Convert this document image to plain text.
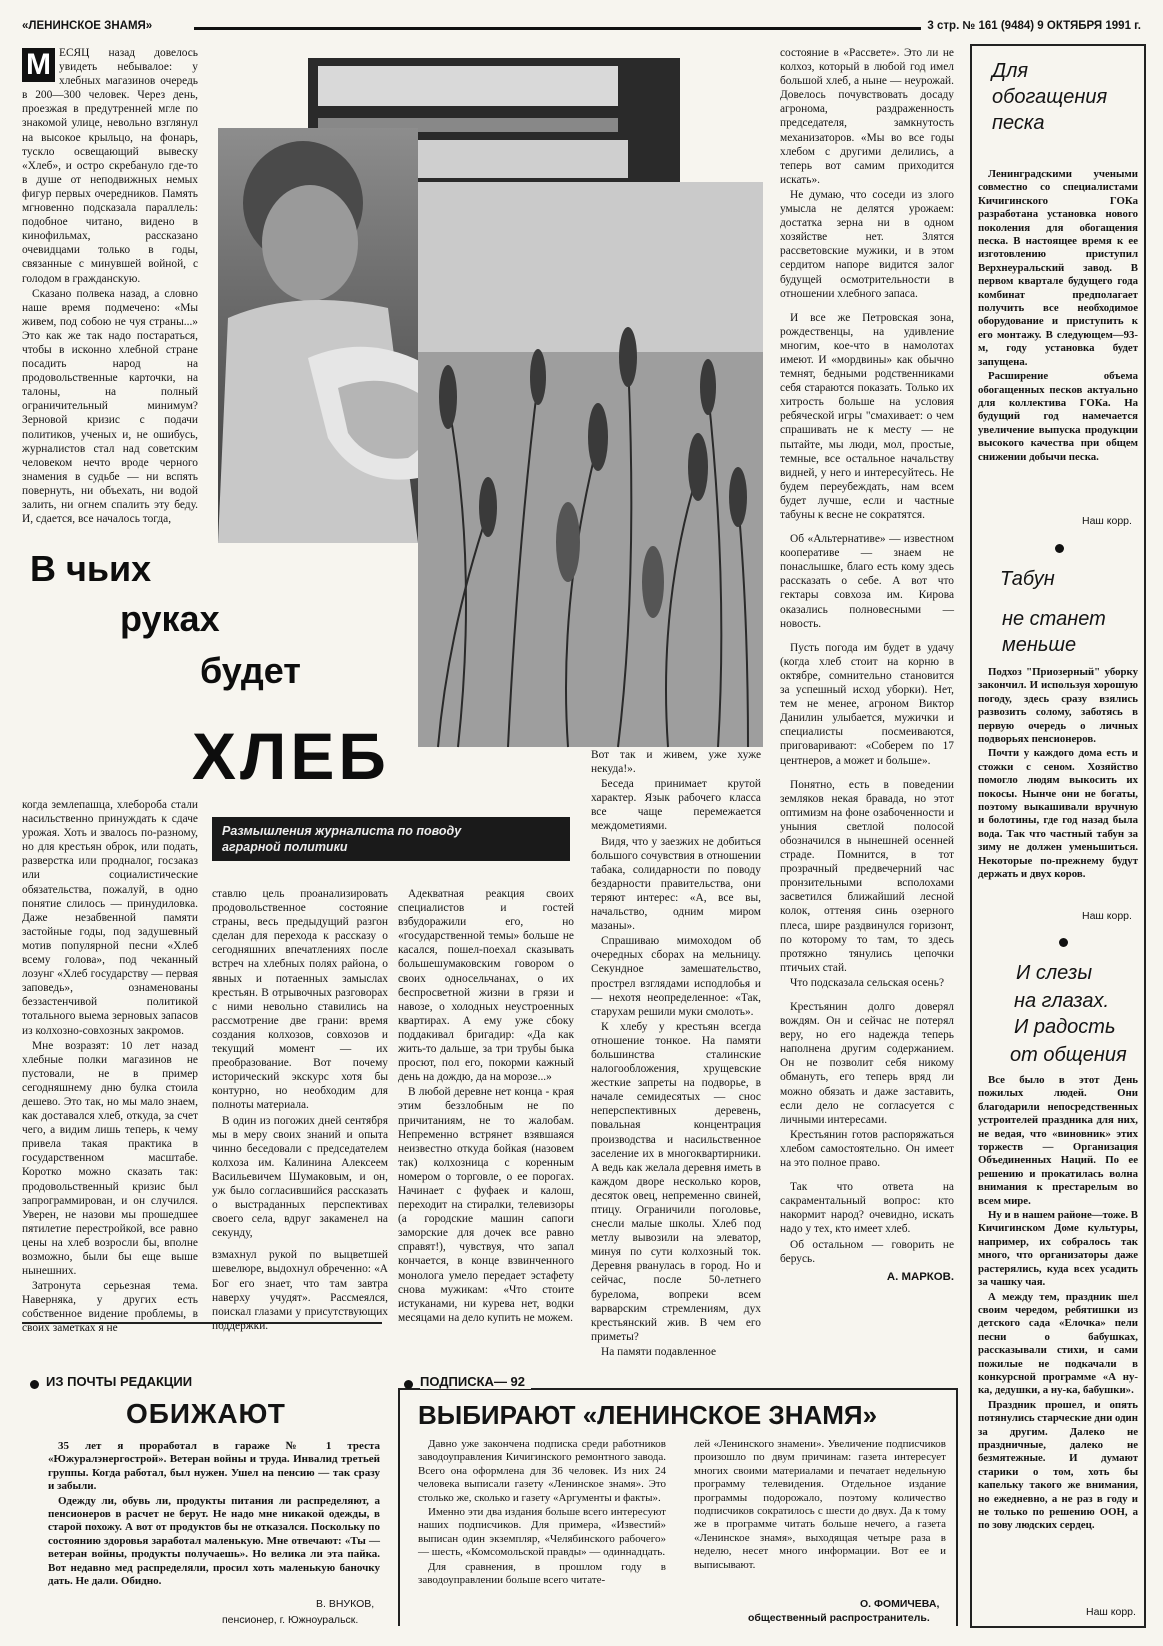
«ЛЕНИНСКОЕ ЗНАМЯ»	3 стр. № 161 (9484) 9 ОКТЯБРЯ 1991 г.

М ЕСЯЦ назад довелось увидеть небывалое: у хлебных магазинов очередь в 200—300 человек. Через день, проезжая в предутренней мгле по знакомой улице, невольно взглянул на высокое крыльцо, на фонарь, тускло освещающий вывеску «Хлеб», и остро скребануло где-то в душе от неподвижных немых фигур первых очередников. Память мгновенно подсказала параллель: подобное читано, видено в кинофильмах, рассказано очевидцами только в годы, связанные с минувшей войной, с голодом в гражданскую.

Сказано полвека назад, а словно наше время подмечено: «Мы живем, под собою не чуя страны...» Это как же так надо постараться, чтобы в исконно хлебной стране посадить народ на продовольственные карточки, на талоны, на полный ограничительный минимум? Зерновой кризис с подачи политиков, ученых и, не ошибусь, журналистов стал над советским человеком нечто вроде черного знамения в судьбе — ни вспять повернуть, ни объехать, ни водой залить, ни огнем спалить эту беду. И, сдается, все началось тогда,

В чьих
руках
будет
ХЛЕБ
Размышления журналиста по поводу
аграрной политики

когда землепашца, хлебороба стали насильственно принуждать к сдаче урожая. Хоть и звалось по-разному, но для крестьян оброк, или подать, разверстка или продналог, госзаказ или социалистические обязательства, пожалуй, в одно понятие слилось — принудиловка. Даже незабвенной памяти застойные годы, под задушевный мотив популярной песни «Хлеб всему голова», под чеканный лозунг «Хлеб государству — первая заповедь», ознаменованы беззастенчивой политикой тотального выема зерновых запасов из колхозно-совхозных закромов.

Мне возразят: 10 лет назад хлебные полки магазинов не пустовали, не в пример сегодняшнему дню булка стоила дешево. Это так, но мы мало знаем, как доставался хлеб, откуда, за счет чего, а видим лишь теперь, к чему привела такая практика в государственном масштабе. Коротко можно сказать так: продовольственный кризис был запрограммирован, и он случился. Уверен, не назови мы прошедшее пятилетие перестройкой, все равно цены на хлеб возросли бы, вполне возможно, были бы еще выше нынешних.

Затронута серьезная тема. Наверняка, у других есть собственное видение проблемы, в своих заметках я не

ставлю цель проанализировать продовольственное состояние страны, весь предыдущий разгон сделан для перехода к рассказу о сегодняшних впечатлениях после встреч на хлебных полях района, о явных и потаенных замыслах крестьян. В отрывочных разговорах с ними невольно ставились на рассмотрение две грани: время создания колхозов, совхозов и текущий момент — их преобразование. Вот почему исторический экскурс хотя бы контурно, но необходим для полноты материала.

В один из погожих дней сентября мы в меру своих знаний и опыта чинно беседовали с председателем колхоза им. Калинина Алексеем Васильевичем Шумаковым, и он, уж было согласившийся рассказать о выстраданных перспективах своего села, вдруг закаменел на секунду,

взмахнул рукой по выцветшей шевелюре, выдохнул обреченно: «А Бог его знает, что там завтра наверху учудят». Рассмеялся, поискал глазами у присутствующих поддержки.

Адекватная реакция своих специалистов и гостей взбудоражили его, но «государственной темы» больше не касался, пошел-поехал сказывать большешумаковским говором о своих односельчанах, о их беспросветной жизни в грязи и навозе, о холодных неустроенных квартирах. А ему уже сбоку поддакивал бригадир: «Да как жить-то дальше, за три трубы быка просют, пол его, покорми кажный день на дождю, да на морозе...»

В любой деревне нет конца - края этим беззлобным не по причитаниям, не то жалобам. Непременно встрянет взявшаяся неизвестно откуда бойкая (назовем так) колхозница с коренным номером о торговле, о ее порогах. Начинает с фуфаек и калош, переходит на стиралки, телевизоры (а городские машин сапоги заморские для дочек все равно справят!), чувствуя, что запал кончается, в конце взвинченного монолога умело передает эстафету снова мужикам: «Что стоите истуканами, ни курева нет, водки месяцами на дело купить не можем.

Вот так и живем, уже хуже некуда!».

Беседа принимает крутой характер. Язык рабочего класса все чаще перемежается междометиями.

Видя, что у заезжих не добиться большого сочувствия в отношении табака, солидарности по поводу бездарности правительства, они теряют интерес: «А, все вы, начальство, одним миром мазаны».

Спрашиваю мимоходом об очередных сборах на мельницу. Секундное замешательство, прострел взглядами исподлобья и — нехотя неопределенное: «Так, старухам решили муки смолоть».

К хлебу у крестьян всегда отношение тонкое. На памяти большинства сталинские налогообложения, хрущевские жесткие запреты на подворье, в начале семидесятых — снос неперспективных деревень, повальная концентрация производства и насильственное заселение их в многоквартирники. А ведь как желала деревня иметь в каждом дворе несколько коров, десяток овец, непременно свиней, птицу. Ограничили поголовье, снесли малые школы. Хлеб под метлу вывозили на элеватор, минуя по сути колхозный ток. Деревня рванулась в город. Но и сейчас, после 50-летнего бурелома, вопреки всем варварским стремлениям, дух крестьянский жив. В чем его приметы?

На памяти подавленное

состояние в «Рассвете». Это ли не колхоз, который в любой год имел большой хлеб, а ныне — неурожай. Довелось почувствовать досаду агронома, раздраженность председателя, замкнутость механизаторов. «Мы во все годы хлебом с другими делились, а теперь вот самим приходится искать».

Не думаю, что соседи из злого умысла не делятся урожаем: достатка зерна ни в одном хозяйстве нет. Злятся рассветовские мужики, и в этом сердитом напоре видится залог будущей осмотрительности в отношении хлебного запаса.

И все же Петровская зона, рождественцы, на удивление многим, кое-что в намолотах имеют. И «мордвины» как обычно темнят, бедными родственниками себя стараются показать. Только их хитрость больше на условия ребяческой игры "смахивает: о чем спрашивать не к месту — не пытайте, мы люди, мол, простые, темные, все остальное начальству видней, у него и интересуйтесь. Не будем переубеждать, нам всем будет лучше, если и частные табуны к весне не сократятся.

Об «Альтернативе» — известном кооперативе — знаем не понаслышке, благо есть кому здесь рассказать о себе. А вот что гектары совхоза им. Кирова оказались полновесными — новость.

Пусть погода им будет в удачу (когда хлеб стоит на корню в октябре, сомнительно становится за успешный исход уборки). Нет, тем не менее, агроном Виктор Данилин улыбается, мужички и специалисты посмеиваются, приговаривают: «Соберем по 17 центнеров, а может и больше».

Понятно, есть в поведении земляков некая бравада, но этот оптимизм на фоне озабоченности и уныния светлой полосой обозначился в нынешней осенней страде. Помнится, в тот прозрачный предвечерний час пронзительными всполохами засветился ближайший лесной колок, оттеняя синь озерного плеса, шире раздвинулся горизонт, по которому то там, то здесь протяжно тянулись цепочки птичьих стай.

Что подсказала сельская осень?

Крестьянин долго доверял вождям. Он и сейчас не потерял веру, но его надежда теперь наполнена другим содержанием. Он не позволит себя никому обмануть, его теперь вряд ли можно обязать и даже заставить, если дело не согласуется с личными интересами.

Крестьянин готов распоряжаться хлебом самостоятельно. Он имеет на это полное право.

Так что ответа на сакраментальный вопрос: кто накормит народ? очевидно, искать надо у тех, кто имеет хлеб.

Об остальном — говорить не берусь.

А. МАРКОВ.

Для
обогащения
песка

Ленинградскими учеными совместно со специалистами Кичигинского ГОКа разработана установка нового поколения для обогащения песка. В настоящее время к ее изготовлению приступил Верхнеуральский завод. В первом квартале будущего года комбинат предполагает получить все необходимое оборудование и приступить к его монтажу. В следующем—93-м, году установка будет запущена.

Расширение объема обогащенных песков актуально для коллектива ГОКа. На будущий год намечается увеличение выпуска продукции высокого качества при общем снижении добычи песка.

Наш корр.
Табун
не станет
меньше

Подхоз "Приозерный" уборку закончил. И используя хорошую погоду, здесь сразу взялись развозить солому, заботясь в первую очередь о личных подворьях пенсионеров.

Почти у каждого дома есть и стожки с сеном. Хозяйство помогло людям выкосить их покосы. Нынче они не богаты, поэтому выкашивали вручную и болотины, где год назад была вода. Так что частный табун за зиму не должен уменьшиться. Некоторые по-прежнему будут держать и двух коров.

Наш корр.
И слезы
на глазах.
И радость
от общения

Все было в этот День пожилых людей. Они благодарили непосредственных устроителей праздника для них, не ведая, что «виновник» этих торжеств — Организация Объединенных Наций. По ее решению и прокатилась волна внимания к престарелым во всем мире.

Ну и в нашем районе—тоже. В Кичигинском Доме культуры, например, их собралось так много, что организаторы даже растерялись, куда всех усадить за чашку чая.

А между тем, праздник шел своим чередом, ребятишки из детского сада «Елочка» пели песни о бабушках, рассказывали стихи, и сами пожилые не подкачали в конкурсной программе «А ну-ка, дедушки, а ну-ка, бабушки».

Праздник прошел, и опять потянулись старческие дни один за другим. Далеко не праздничные, далеко не безмятежные. И думают старики о том, хоть бы капельку такого же внимания, но ежедневно, а не раз в году и не только по решению ООН, а по зову людских сердец.

Наш корр.
ИЗ ПОЧТЫ РЕДАКЦИИ
ОБИЖАЮТ

35 лет я проработал в гараже № 1 треста «Южуралэнергострой». Ветеран войны и труда. Инвалид третьей группы. Когда работал, был нужен. Ушел на пенсию — так сразу и забыли.

Одежду ли, обувь ли, продукты питания ли распределяют, а пенсионеров в расчет не берут. Не надо мне никакой одежды, в старой похожу. А вот от продуктов бы не отказался. Поскольку по состоянию здоровья заработал маленькую. Мне отвечают: «Ты — ветеран войны, продукты получаешь». Но велика ли эта пайка. Вот недавно мед распределяли, просил хоть маленькую баночку дать. Не дали. Обидно.

В. ВНУКОВ,
пенсионер, г. Южноуральск.
ПОДПИСКА— 92
ВЫБИРАЮТ «ЛЕНИНСКОЕ ЗНАМЯ»

Давно уже закончена подписка среди работников заводоуправления Кичигинского ремонтного завода. Всего она оформлена для 36 человек. Из них 24 человека выписали газету «Ленинское знамя». Это столько же, сколько и газету «Аргументы и факты».

Именно эти два издания больше всего интересуют наших подписчиков. Для примера, «Известий» выписан один экземпляр, «Челябинского рабочего» — шесть, «Комсомольской правды» — одиннадцать.

Для сравнения, в прошлом году в заводоуправлении больше всего читате-

лей «Ленинского знамени». Увеличение подписчиков произошло по двум причинам: газета интересует многих своими материалами и печатает недельную программу телевидения. Отдельное издание программы подорожало, поэтому количество подписчиков сократилось с шести до двух. Да к тому же в программе читать больше нечего, а газета «Ленинское знамя», выходящая четыре раза в неделю, несет много информации. Вот ее и выписывают.

О. ФОМИЧЕВА,
общественный распространитель.
